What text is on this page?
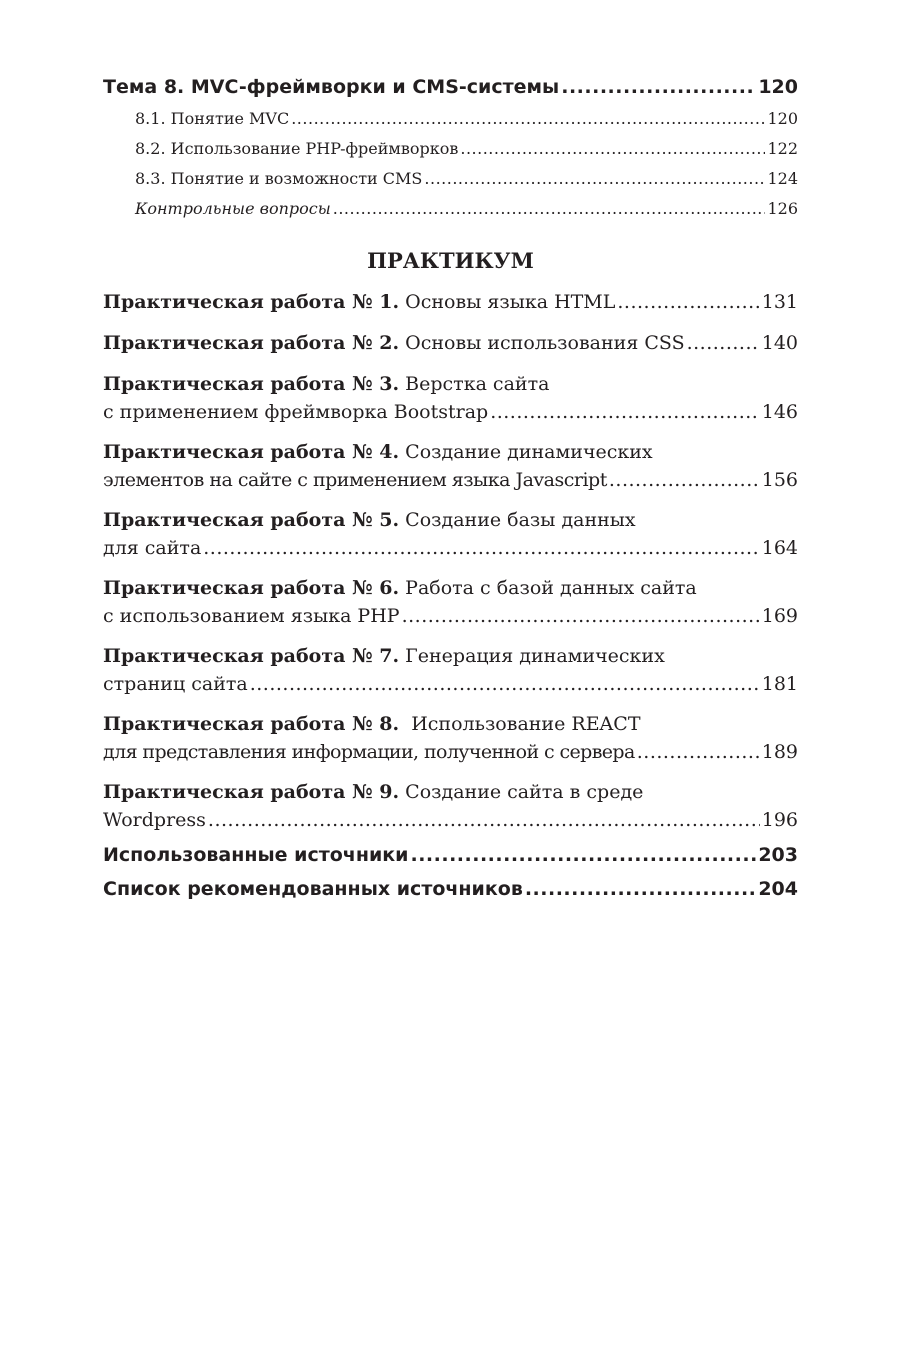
Тема 8. MVC-фреймворки и CMS-системы .....	120
8.1. Понятие MVC .....	120
8.2. Использование PHP-фреймворков .....	122
8.3. Понятие и возможности CMS .....	124
Контрольные вопросы .....	126
ПРАКТИКУМ
Практическая работа № 1. Основы языка HTML .....	131
Практическая работа № 2. Основы использования CSS .....	140
Практическая работа № 3. Верстка сайта
с применением фреймворка Bootstrap .....	146
Практическая работа № 4. Создание динамических
элементов на сайте с применением языка Javascript .....	156
Практическая работа № 5. Создание базы данных
для сайта .....	164
Практическая работа № 6. Работа с базой данных сайта
с использованием языка PHP .....	169
Практическая работа № 7. Генерация динамических
страниц сайта .....	181
Практическая работа № 8. Использование REACT
для представления информации, полученной с сервера .....	189
Практическая работа № 9. Создание сайта в среде
Wordpress .....	196
Использованные источники .....	203
Список рекомендованных источников .....	204
